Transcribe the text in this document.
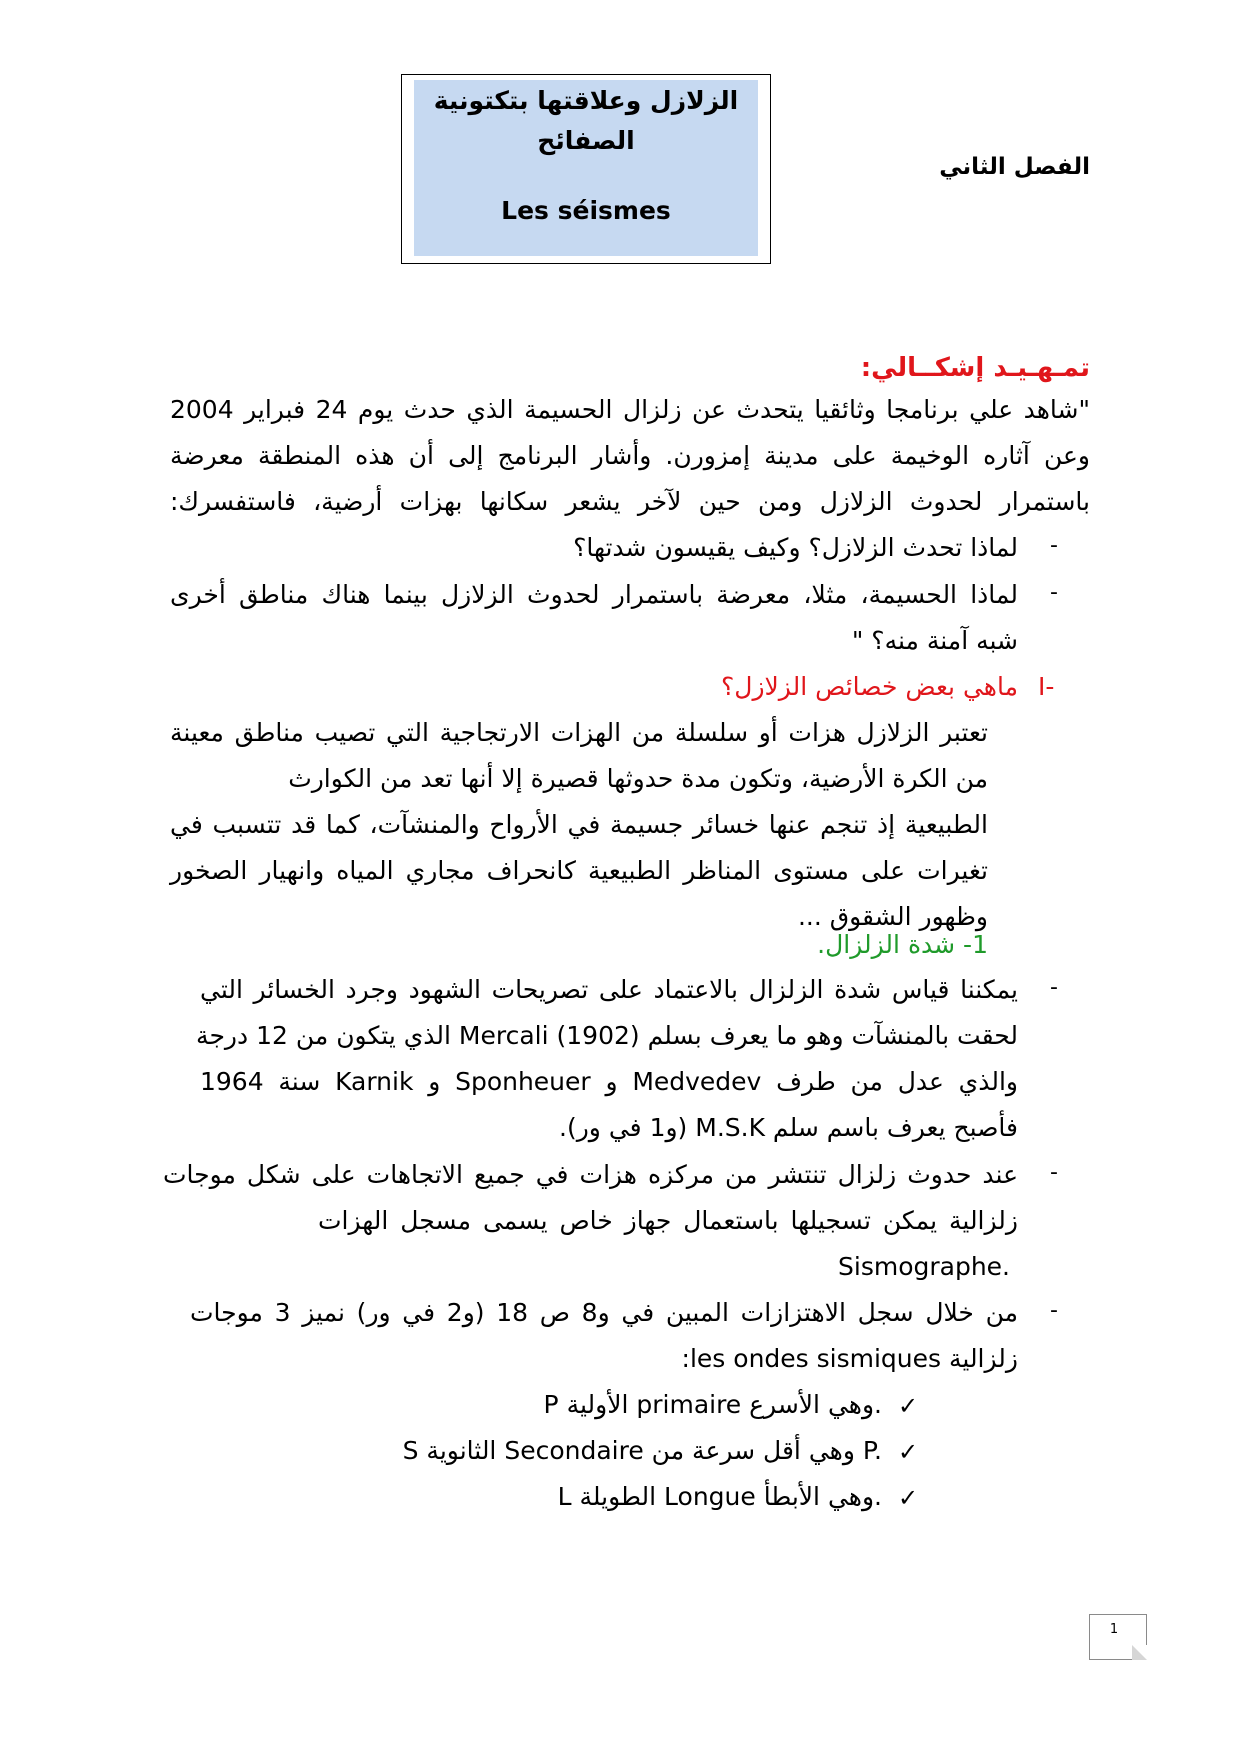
الزلازل وعلاقتها بتكتونية
الصفائح
Les séismes
الفصل الثاني
تمـهـيـد إشكــالي:
"شاهد علي برنامجا وثائقيا يتحدث عن زلزال الحسيمة الذي حدث يوم 24 فبراير 2004
وعن آثاره الوخيمة على مدينة إمزورن. وأشار البرنامج إلى أن هذه المنطقة معرضة
باستمرار لحدوث الزلازل ومن حين لآخر يشعر سكانها بهزات أرضية، فاستفسرك:
-
لماذا تحدث الزلازل؟ وكيف يقيسون شدتها؟
-
لماذا الحسيمة، مثلا، معرضة باستمرار لحدوث الزلازل بينما هناك مناطق أخرى
شبه آمنة منه؟ "
I-
ماهي بعض خصائص الزلازل؟
تعتبر الزلازل هزات أو سلسلة من الهزات الارتجاجية التي تصيب مناطق معينة
من الكرة الأرضية، وتكون مدة حدوثها قصيرة إلا أنها تعد من الكوارث
الطبيعية إذ تنجم عنها خسائر جسيمة في الأرواح والمنشآت، كما قد تتسبب في
تغيرات على مستوى المناظر الطبيعية كانحراف مجاري المياه وانهيار الصخور
وظهور الشقوق ...
1- شدة الزلزال.
-
يمكننا قياس شدة الزلزال بالاعتماد على تصريحات الشهود وجرد الخسائر التي
لحقت بالمنشآت وهو ما يعرف بسلم Mercali (1902) الذي يتكون من 12 درجة
والذي عدل من طرف Medvedev و Sponheuer و Karnik سنة 1964
فأصبح يعرف باسم سلم M.S.K (و1 في ور).
-
عند حدوث زلزال تنتشر من مركزه هزات في جميع الاتجاهات على شكل موجات
زلزالية يمكن تسجيلها باستعمال جهاز خاص يسمى مسجل الهزات
Sismographe.
-
من خلال سجل الاهتزازات المبين في و8 ص 18 (و2 في ور) نميز 3 موجات
زلزالية les ondes sismiques:
✓
P الأولية primaire وهي الأسرع.
✓
S الثانوية Secondaire وهي أقل سرعة من P.
✓
L الطويلة Longue وهي الأبطأ.
1
